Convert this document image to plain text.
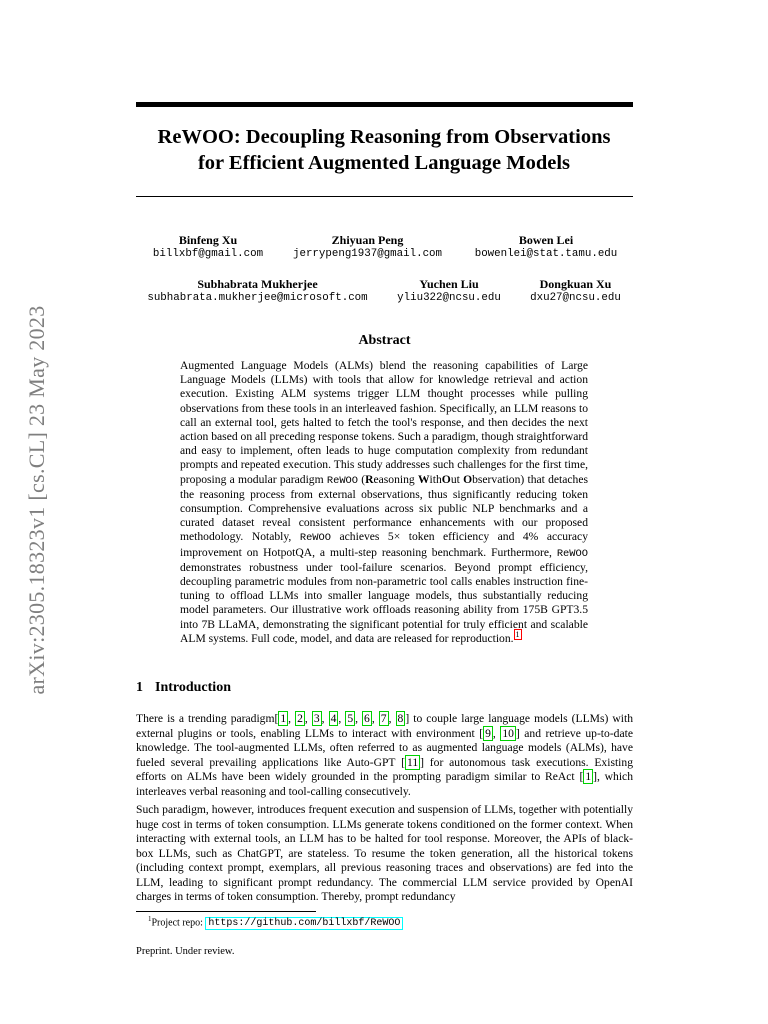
arXiv:2305.18323v1 [cs.CL] 23 May 2023
ReWOO: Decoupling Reasoning from Observations
for Efficient Augmented Language Models
Binfeng Xu
billxbf@gmail.com
Zhiyuan Peng
jerrypeng1937@gmail.com
Bowen Lei
bowenlei@stat.tamu.edu
Subhabrata Mukherjee
subhabrata.mukherjee@microsoft.com
Yuchen Liu
yliu322@ncsu.edu
Dongkuan Xu
dxu27@ncsu.edu
Abstract
Augmented Language Models (ALMs) blend the reasoning capabilities of Large Language Models (LLMs) with tools that allow for knowledge retrieval and action execution. Existing ALM systems trigger LLM thought processes while pulling observations from these tools in an interleaved fashion. Specifically, an LLM reasons to call an external tool, gets halted to fetch the tool's response, and then decides the next action based on all preceding response tokens. Such a paradigm, though straightforward and easy to implement, often leads to huge computation complexity from redundant prompts and repeated execution. This study addresses such challenges for the first time, proposing a modular paradigm ReWOO (Reasoning WithOut Observation) that detaches the reasoning process from external observations, thus significantly reducing token consumption. Comprehensive evaluations across six public NLP benchmarks and a curated dataset reveal consistent performance enhancements with our proposed methodology. Notably, ReWOO achieves 5× token efficiency and 4% accuracy improvement on HotpotQA, a multi-step reasoning benchmark. Furthermore, ReWOO demonstrates robustness under tool-failure scenarios. Beyond prompt efficiency, decoupling parametric modules from non-parametric tool calls enables instruction fine-tuning to offload LLMs into smaller language models, thus substantially reducing model parameters. Our illustrative work offloads reasoning ability from 175B GPT3.5 into 7B LLaMA, demonstrating the significant potential for truly efficient and scalable ALM systems. Full code, model, and data are released for reproduction. $^1$
1 Introduction
There is a trending paradigm[ 1 , 2 , 3 , 4 , 5 , 6 , 7 , 8 ] to couple large language models (LLMs) with external plugins or tools, enabling LLMs to interact with environment [ 9 , 10 ] and retrieve up-to-date knowledge. The tool-augmented LLMs, often referred to as augmented language models (ALMs), have fueled several prevailing applications like Auto-GPT [ 11 ] for autonomous task executions. Existing efforts on ALMs have been widely grounded in the prompting paradigm similar to ReAct [ 1 ], which interleaves verbal reasoning and tool-calling consecutively.
Such paradigm, however, introduces frequent execution and suspension of LLMs, together with potentially huge cost in terms of token consumption. LLMs generate tokens conditioned on the former context. When interacting with external tools, an LLM has to be halted for tool response. Moreover, the APIs of black-box LLMs, such as ChatGPT, are stateless. To resume the token generation, all the historical tokens (including context prompt, exemplars, all previous reasoning traces and observations) are fed into the LLM, leading to significant prompt redundancy. The commercial LLM service provided by OpenAI charges in terms of token consumption. Thereby, prompt redundancy
$^1$Project repo: https://github.com/billxbf/ReWOO
Preprint. Under review.
